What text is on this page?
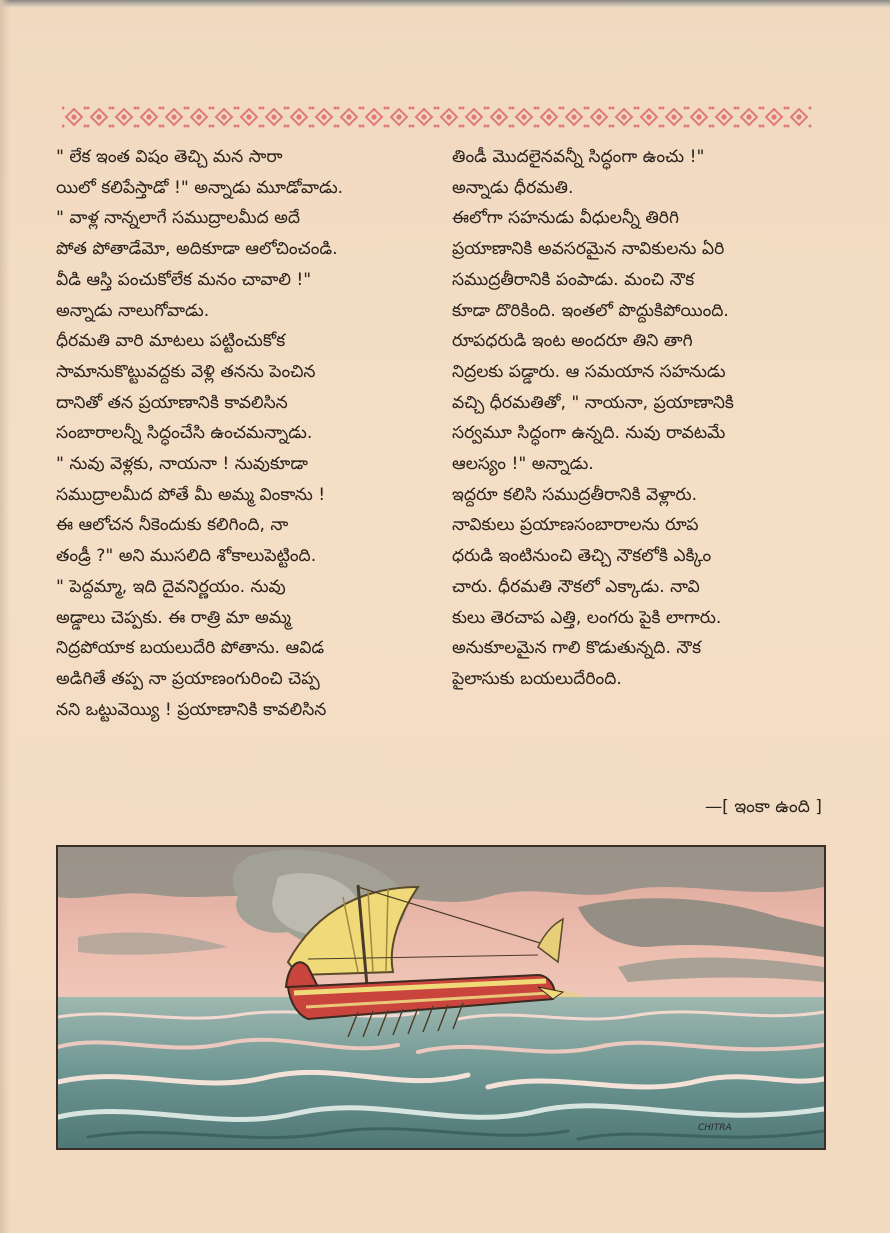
" లేక ఇంత విషం తెచ్చి మన సారా
యిలో కలిపేస్తాడో !" అన్నాడు మూడోవాడు.
" వాళ్ల నాన్నలాగే సముద్రాలమీద అదే
పోత పోతాడేమో, అదికూడా ఆలోచించండి.
వీడి ఆస్తి పంచుకోలేక మనం చావాలి !"
అన్నాడు నాలుగోవాడు.
ధీరమతి వారి మాటలు పట్టించుకోక
సామానుకొట్టువద్దకు వెళ్లి తనను పెంచిన
దానితో తన ప్రయాణానికి కావలిసిన
సంబారాలన్నీ సిద్ధంచేసి ఉంచమన్నాడు.
" నువు వెళ్లకు, నాయనా ! నువుకూడా
సముద్రాలమీద పోతే మీ అమ్మ వింకాను !
ఈ ఆలోచన నీకెందుకు కలిగింది, నా
తండ్రీ ?" అని ముసలిది శోకాలుపెట్టింది.
" పెద్దమ్మా, ఇది దైవనిర్ణయం. నువు
అడ్డాలు చెప్పకు. ఈ రాత్రి మా అమ్మ
నిద్రపోయాక బయలుదేరి పోతాను. ఆవిడ
అడిగితే తప్ప నా ప్రయాణంగురించి చెప్ప
నని ఒట్టువెయ్యి ! ప్రయాణానికి కావలిసిన
తిండీ మొదలైనవన్నీ సిద్ధంగా ఉంచు !"
అన్నాడు ధీరమతి.
ఈలోగా సహనుడు వీధులన్నీ తిరిగి
ప్రయాణానికి అవసరమైన నావికులను ఏరి
సముద్రతీరానికి పంపాడు. మంచి నౌక
కూడా దొరికింది. ఇంతలో పొద్దుకిపోయింది.
రూపధరుడి ఇంట అందరూ తిని తాగి
నిద్రలకు పడ్డారు. ఆ సమయాన సహనుడు
వచ్చి ధీరమతితో, " నాయనా, ప్రయాణానికి
సర్వమూ సిద్ధంగా ఉన్నది. నువు రావటమే
ఆలస్యం !" అన్నాడు.
ఇద్దరూ కలిసి సముద్రతీరానికి వెళ్లారు.
నావికులు ప్రయాణసంబారాలను రూప
ధరుడి ఇంటినుంచి తెచ్చి నౌకలోకి ఎక్కిం
చారు. ధీరమతి నౌకలో ఎక్కాడు. నావి
కులు తెరచాప ఎత్తి, లంగరు పైకి లాగారు.
అనుకూలమైన గాలి కొడుతున్నది. నౌక
పైలాసుకు బయలుదేరింది.
—[ ఇంకా ఉంది ]
CHITRA
